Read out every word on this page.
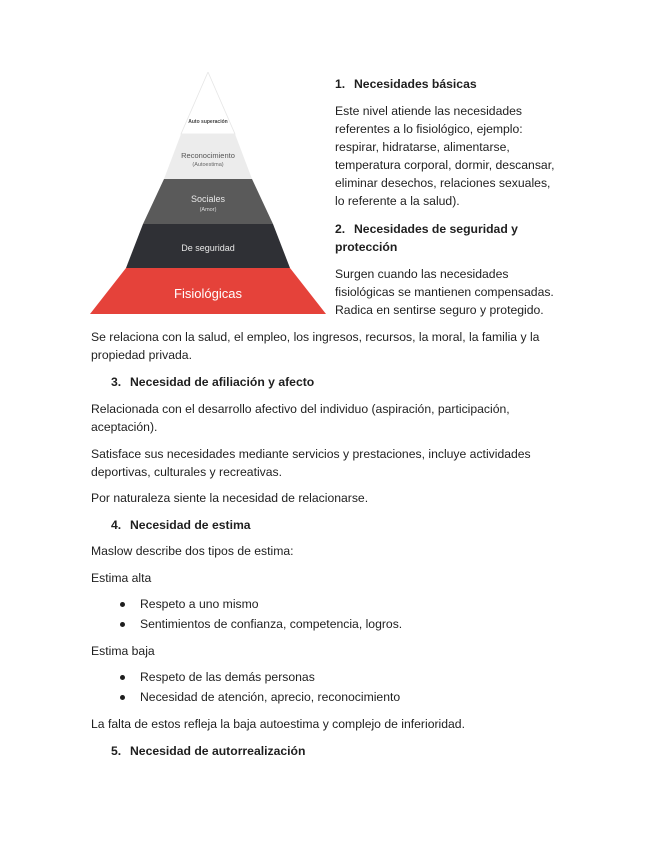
Auto superación
Reconocimiento
(Autoestima)
Sociales
(Amor)
De seguridad
Fisiológicas
1. Necesidades básicas
Este nivel atiende las necesidades
referentes a lo fisiológico, ejemplo:
respirar, hidratarse, alimentarse,
temperatura corporal, dormir, descansar,
eliminar desechos, relaciones sexuales,
lo referente a la salud).
2. Necesidades de seguridad y
protección
Surgen cuando las necesidades
fisiológicas se mantienen compensadas.
Radica en sentirse seguro y protegido.

Se relaciona con la salud, el empleo, los ingresos, recursos, la moral, la familia y la propiedad privada.

3. Necesidad de afiliación y afecto

Relacionada con el desarrollo afectivo del individuo (aspiración, participación, aceptación).

Satisface sus necesidades mediante servicios y prestaciones, incluye actividades deportivas, culturales y recreativas.

Por naturaleza siente la necesidad de relacionarse.

4. Necesidad de estima

Maslow describe dos tipos de estima:

Estima alta

Respeto a uno mismo
Sentimientos de confianza, competencia, logros.

Estima baja

Respeto de las demás personas
Necesidad de atención, aprecio, reconocimiento

La falta de estos refleja la baja autoestima y complejo de inferioridad.

5. Necesidad de autorrealización
